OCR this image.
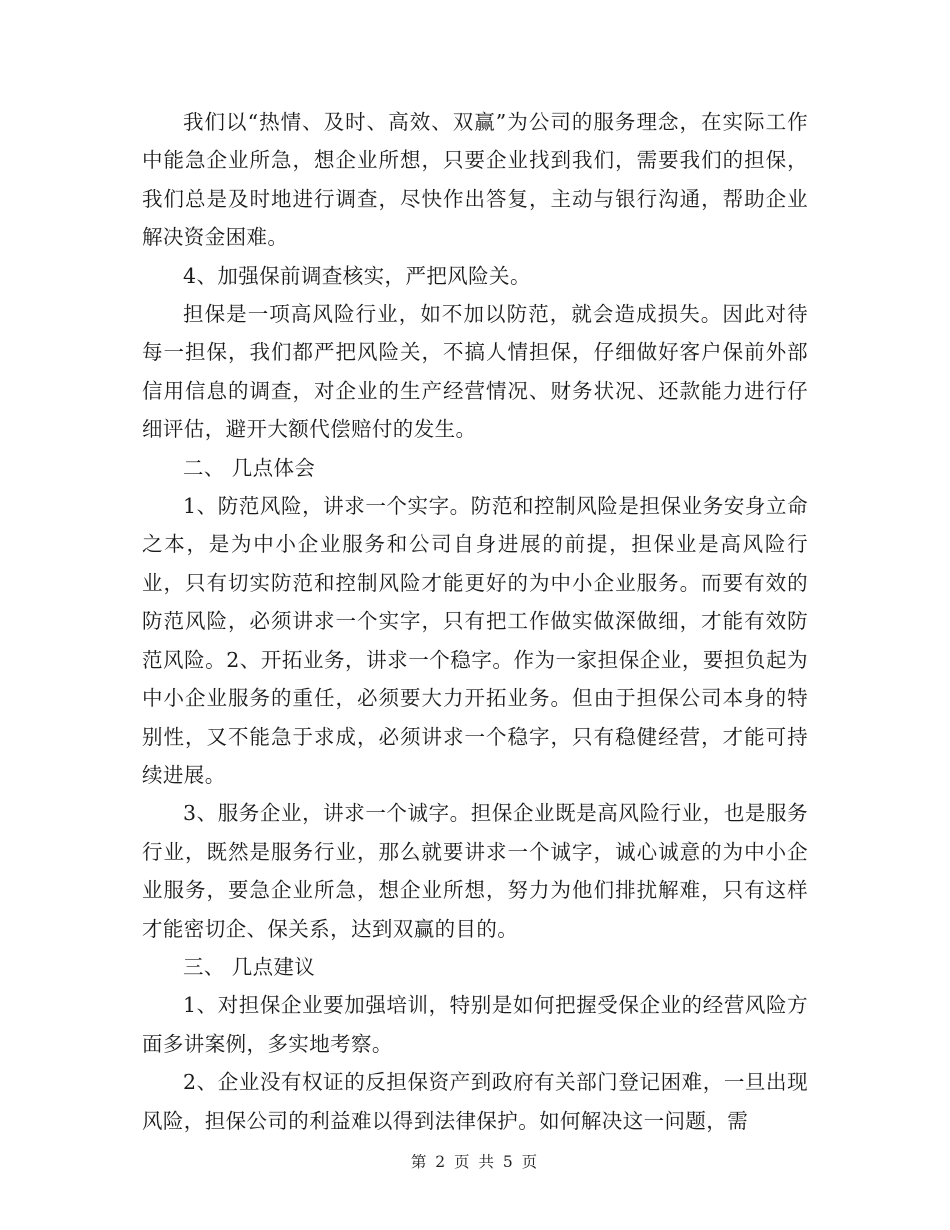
我们以“热情、及时、高效、双赢”为公司的服务理念，在实际工作中能急企业所急，想企业所想，只要企业找到我们，需要我们的担保，我们总是及时地进行调查，尽快作出答复，主动与银行沟通，帮助企业解决资金困难。

4、加强保前调查核实，严把风险关。

担保是一项高风险行业，如不加以防范，就会造成损失。因此对待每一担保，我们都严把风险关，不搞人情担保，仔细做好客户保前外部信用信息的调查，对企业的生产经营情况、财务状况、还款能力进行仔细评估，避开大额代偿赔付的发生。

二、 几点体会

1、防范风险，讲求一个实字。防范和控制风险是担保业务安身立命之本，是为中小企业服务和公司自身进展的前提，担保业是高风险行业，只有切实防范和控制风险才能更好的为中小企业服务。而要有效的防范风险，必须讲求一个实字，只有把工作做实做深做细，才能有效防范风险。2、开拓业务，讲求一个稳字。作为一家担保企业，要担负起为中小企业服务的重任，必须要大力开拓业务。但由于担保公司本身的特别性，又不能急于求成，必须讲求一个稳字，只有稳健经营，才能可持续进展。

3、服务企业，讲求一个诚字。担保企业既是高风险行业，也是服务行业，既然是服务行业，那么就要讲求一个诚字，诚心诚意的为中小企业服务，要急企业所急，想企业所想，努力为他们排扰解难，只有这样才能密切企、保关系，达到双赢的目的。

三、 几点建议

1、对担保企业要加强培训，特别是如何把握受保企业的经营风险方面多讲案例，多实地考察。

2、企业没有权证的反担保资产到政府有关部门登记困难，一旦出现风险，担保公司的利益难以得到法律保护。如何解决这一问题，需

第 2 页 共 5 页
